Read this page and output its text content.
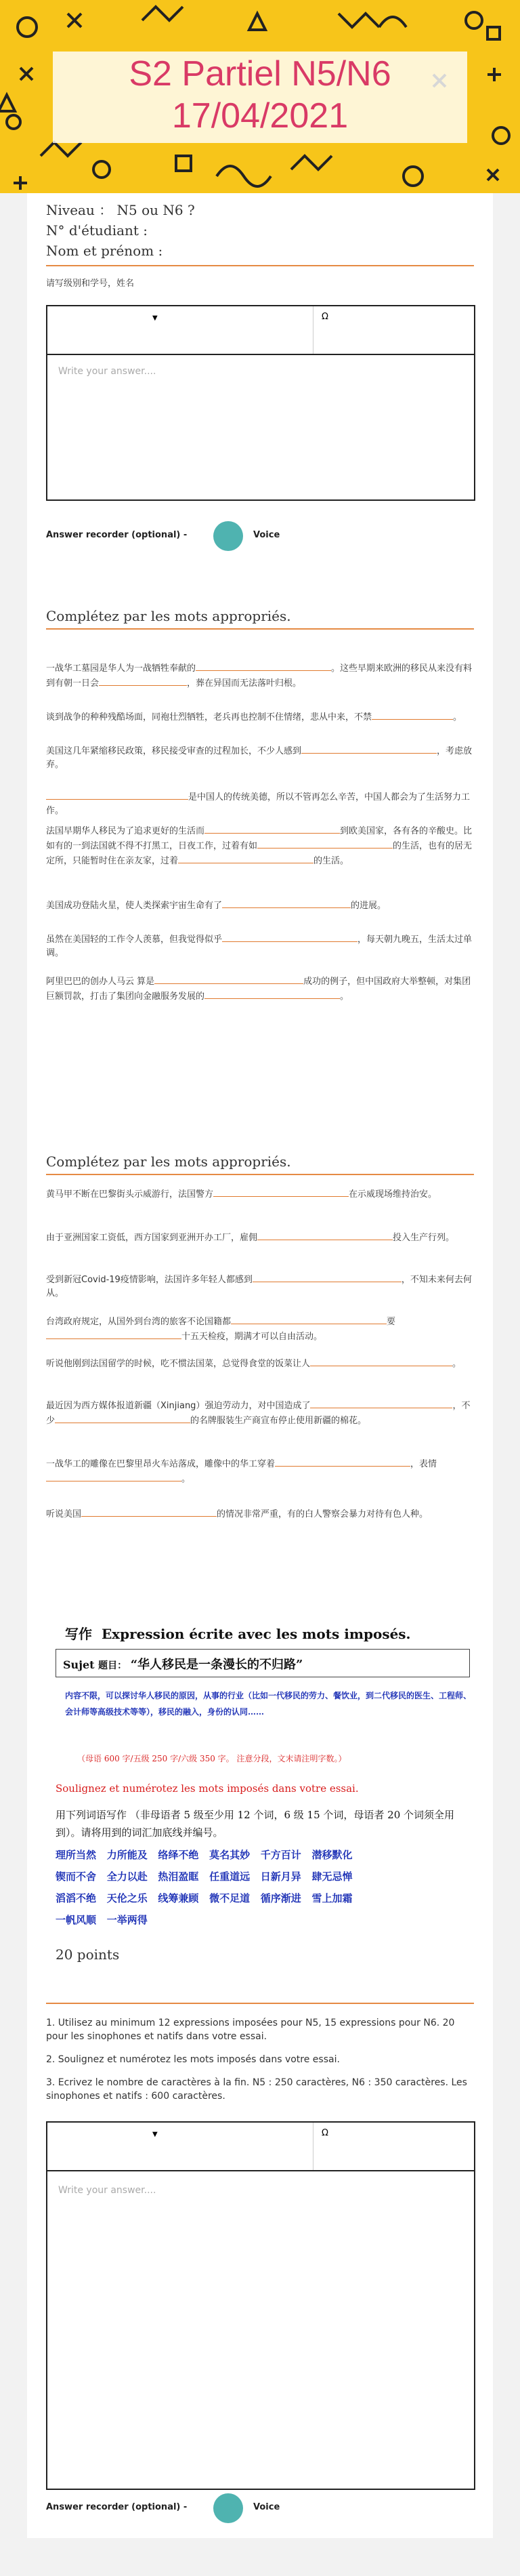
S2 Partiel N5/N6
17/04/2021
Niveau ： N5 ou N6 ?
N° d'étudiant :
Nom et prénom :
请写级别和学号，姓名
▼	Ω
Write your answer....
Answer recorder (optional) -	Voice
Complétez par les mots appropriés.
一战华工墓园是华人为一战牺牲奉献的	。这些早期来欧洲的移民从来没有料到有朝一日会	，葬在异国而无法落叶归根。
谈到战争的种种残酷场面，同袍壮烈牺牲，老兵再也控制不住情绪，悲从中来，不禁	。
美国这几年紧缩移民政策，移民接受审查的过程加长，不少人感到	，考虑放弃。
是中国人的传统美德，所以不管再怎么辛苦，中国人都会为了生活努力工作。
法国早期华人移民为了追求更好的生活而	到欧美国家，各有各的辛酸史。比如有的一到法国就不得不打黑工，日夜工作，过着有如	的生活，也有的居无定所，只能暂时住在亲友家，过着	的生活。
美国成功登陆火星，使人类探索宇宙生命有了	的进展。
虽然在美国轻的工作令人羡慕，但我觉得似乎	，每天朝九晚五，生活太过单调。
阿里巴巴的创办人马云 算是	成功的例子，但中国政府大举整顿，对集团巨额罚款，打击了集团向金融服务发展的	。
Complétez par les mots appropriés.
黄马甲不断在巴黎街头示威游行，法国警方	在示威现场维持治安。
由于亚洲国家工资低，西方国家到亚洲开办工厂，雇佣	投入生产行列。
受到新冠Covid-19疫情影响，法国许多年轻人都感到	，不知未来何去何从。
台湾政府规定，从国外到台湾的旅客不论国籍都	要十五天检疫，期满才可以自由活动。
听说他刚到法国留学的时候，吃不惯法国菜，总觉得食堂的饭菜让人	。
最近因为西方媒体报道新疆（Xinjiang）强迫劳动力，对中国造成了	，不少	的名牌服装生产商宣布停止使用新疆的棉花。
一战华工的雕像在巴黎里昂火车站落成，雕像中的华工穿着	，表情。
听说美国	的情况非常严重，有的白人警察会暴力对待有色人种。
写作 Expression écrite avec les mots imposés.
Sujet 题目： “华人移民是一条漫长的不归路”
内容不限，可以探讨华人移民的原因，从事的行业（比如一代移民的劳力、餐饮业，到二代移民的医生、工程师、会计师等高级技术等等），移民的融入，身份的认同……
（母语 600 字/五级 250 字/六级 350 字。 注意分段，文末请注明字数。）
Soulignez et numérotez les mots imposés dans votre essai.
用下列词语写作 （非母语者 5 级至少用 12 个词，6 级 15 个词，母语者 20 个词须全用到）。请将用到的词汇加底线并编号。
理所当然 力所能及 络绎不绝 莫名其妙 千方百计 潜移默化
锲而不舍 全力以赴 热泪盈眶 任重道远 日新月异 肆无忌惮
滔滔不绝 天伦之乐 线筹兼顾 微不足道 循序渐进 雪上加霜
一帆风顺 一举两得
20 points
1. Utilisez au minimum 12 expressions imposées pour N5, 15 expressions pour N6. 20 pour les sinophones et natifs dans votre essai.
2. Soulignez et numérotez les mots imposés dans votre essai.
3. Ecrivez le nombre de caractères à la fin. N5 : 250 caractères, N6 : 350 caractères. Les sinophones et natifs : 600 caractères.
▼	Ω
Write your answer....
Answer recorder (optional) -	Voice
